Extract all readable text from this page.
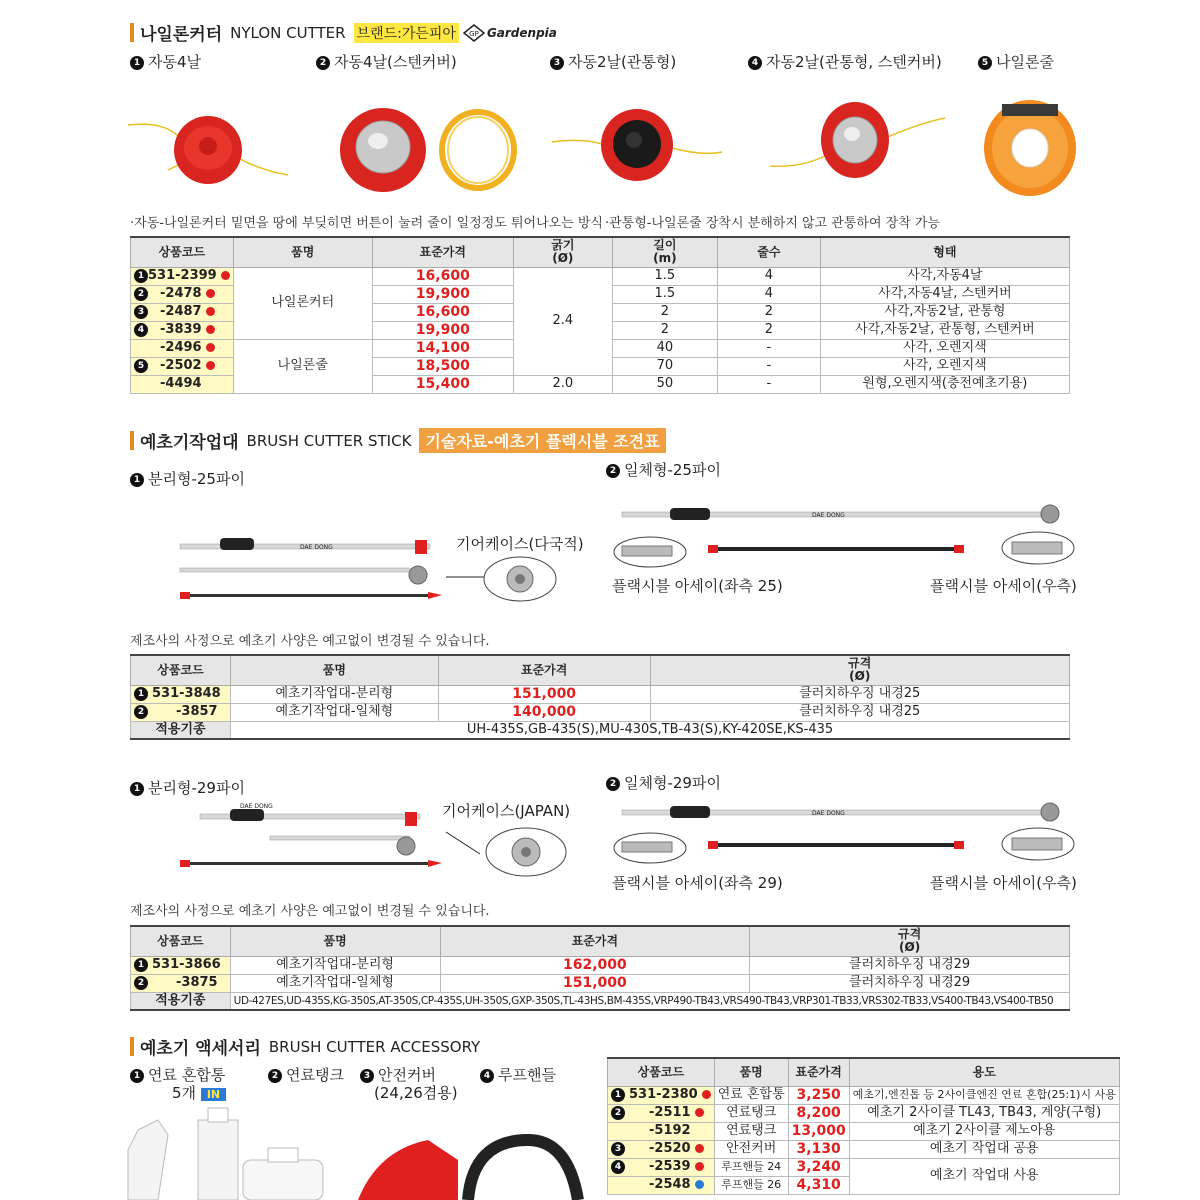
나일론커터 NYLON CUTTER 브랜드:가든피아	GP Gardenpia
1 자동4날	2 자동4날(스텐커버)	3 자동2날(관통형)	4 자동2날(관통형, 스텐커버)	5 나일론줄
·자동-나일론커터 밑면을 땅에 부딪히면 버튼이 눌려 줄이 일정정도 튀어나오는 방식 ·관통형-나일론줄 장착시 분해하지 않고 관통하여 장착 가능
상품코드	품명	표준가격	굵기
(Ø)	길이
(m)	줄수	형태
1 531-2399	나일론커터	16,600	2.4	1.5	4	사각,자동4날
2 -2478		19,900		1.5	4	사각,자동4날, 스텐커버
3 -2487		16,600		2	2	사각,자동2날, 관통형
4 -3839		19,900		2	2	사각,자동2날, 관통형, 스텐커버
-2496	나일론줄	14,100		40	-	사각, 오렌지색
5 -2502		18,500		70	-	사각, 오렌지색
-4494		15,400	2.0	50	-	원형,오렌지색(충전예초기용)
예초기작업대 BRUSH CUTTER STICK 기술자료-예초기 플렉시블 조견표
1 분리형-25파이	2 일체형-25파이
DAE DONG	기어케이스(다국적)
DAE DONG
플랙시블 아세이(좌측 25)	플랙시블 아세이(우측)
제조사의 사정으로 예초기 사양은 예고없이 변경될 수 있습니다.
상품코드	품명	표준가격	규격
(Ø)
1 531-3848	예초기작업대-분리형	151,000	클러치하우징 내경25
2 -3857	예초기작업대-일체형	140,000	클러치하우징 내경25
적용기종	UH-435S,GB-435(S),MU-430S,TB-43(S),KY-420SE,KS-435		
1 분리형-29파이	2 일체형-29파이
DAE DONG	기어케이스(JAPAN)	DAE DONG
플랙시블 아세이(좌측 29)	플랙시블 아세이(우측)
제조사의 사정으로 예초기 사양은 예고없이 변경될 수 있습니다.
상품코드	품명	표준가격	규격
(Ø)
1 531-3866	예초기작업대-분리형	162,000	클러치하우징 내경29
2 -3875	예초기작업대-일체형	151,000	클러치하우징 내경29
적용기종	UD-427ES,UD-435S,KG-350S,AT-350S,CP-435S,UH-350S,GXP-350S,TL-43HS,BM-435S,VRP490-TB43,VRS490-TB43,VRP301-TB33,VRS302-TB33,VS400-TB43,VS400-TB50		
예초기 액세서리 BRUSH CUTTER ACCESSORY
1 연료 혼합통
5개 IN
2 연료탱크	3 안전커버
(24,26겸용)
4 루프핸들	상품코드	품명	표준가격	용도
1 531-2380	연료 혼합통	3,250	예초기,엔진톱 등 2사이클엔진 연료 혼합(25:1)시 사용
2 -2511	연료탱크	8,200	예초기 2사이클 TL43, TB43, 계양(구형)
-5192	연료탱크	13,000	예초기 2사이클 제노아용
3 -2520	안전커버	3,130	예초기 작업대 공용
4 -2539	루프핸들 24	3,240	예초기 작업대 사용
-2548	루프핸들 26	4,310	
